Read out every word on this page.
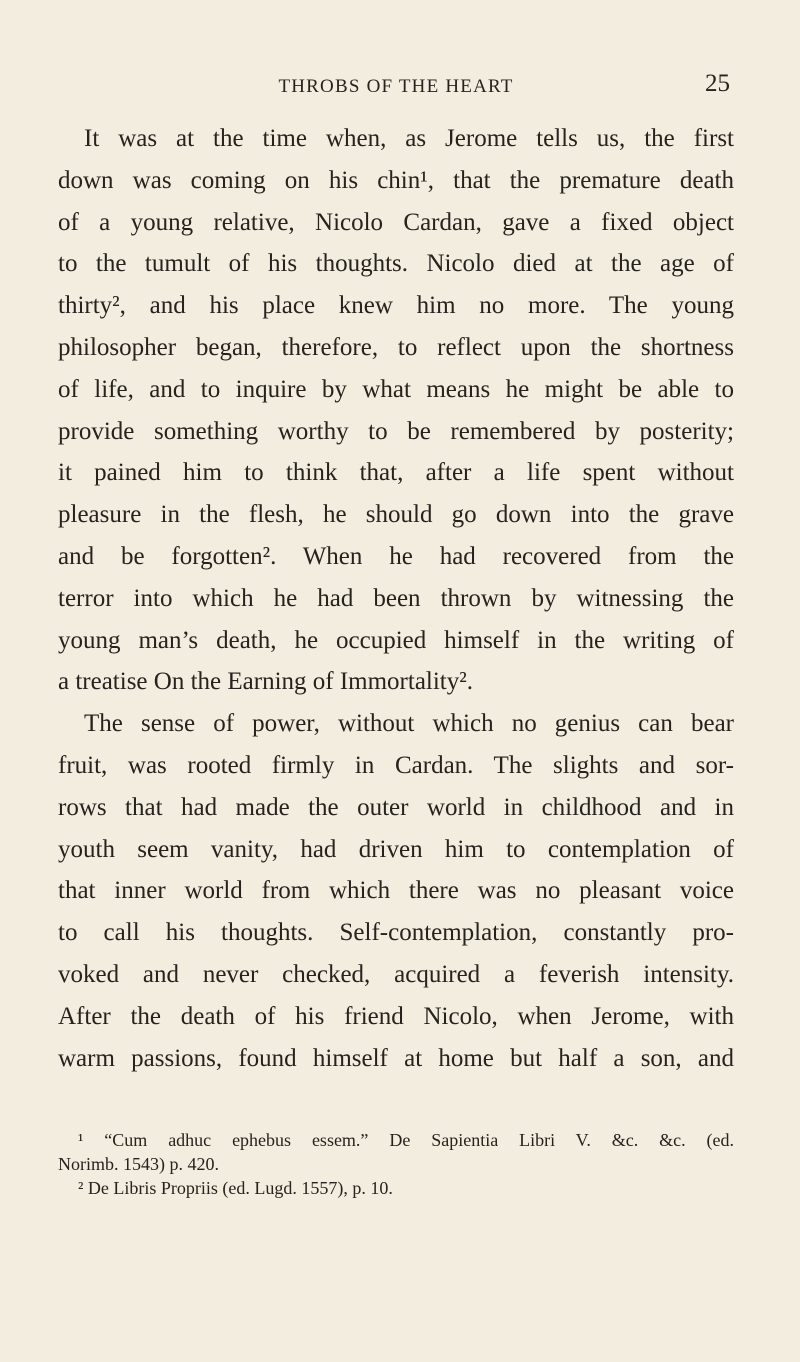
THROBS OF THE HEART	25
It was at the time when, as Jerome tells us, the first
down was coming on his chin¹, that the premature death
of a young relative, Nicolo Cardan, gave a fixed object
to the tumult of his thoughts. Nicolo died at the age of
thirty², and his place knew him no more. The young
philosopher began, therefore, to reflect upon the shortness
of life, and to inquire by what means he might be able to
provide something worthy to be remembered by posterity;
it pained him to think that, after a life spent without
pleasure in the flesh, he should go down into the grave
and be forgotten². When he had recovered from the
terror into which he had been thrown by witnessing the
young man’s death, he occupied himself in the writing of
a treatise On the Earning of Immortality².
The sense of power, without which no genius can bear
fruit, was rooted firmly in Cardan. The slights and sor-
rows that had made the outer world in childhood and in
youth seem vanity, had driven him to contemplation of
that inner world from which there was no pleasant voice
to call his thoughts. Self-contemplation, constantly pro-
voked and never checked, acquired a feverish intensity.
After the death of his friend Nicolo, when Jerome, with
warm passions, found himself at home but half a son, and
¹ “Cum adhuc ephebus essem.” De Sapientia Libri V. &c. &c. (ed.
Norimb. 1543) p. 420.
² De Libris Propriis (ed. Lugd. 1557), p. 10.
